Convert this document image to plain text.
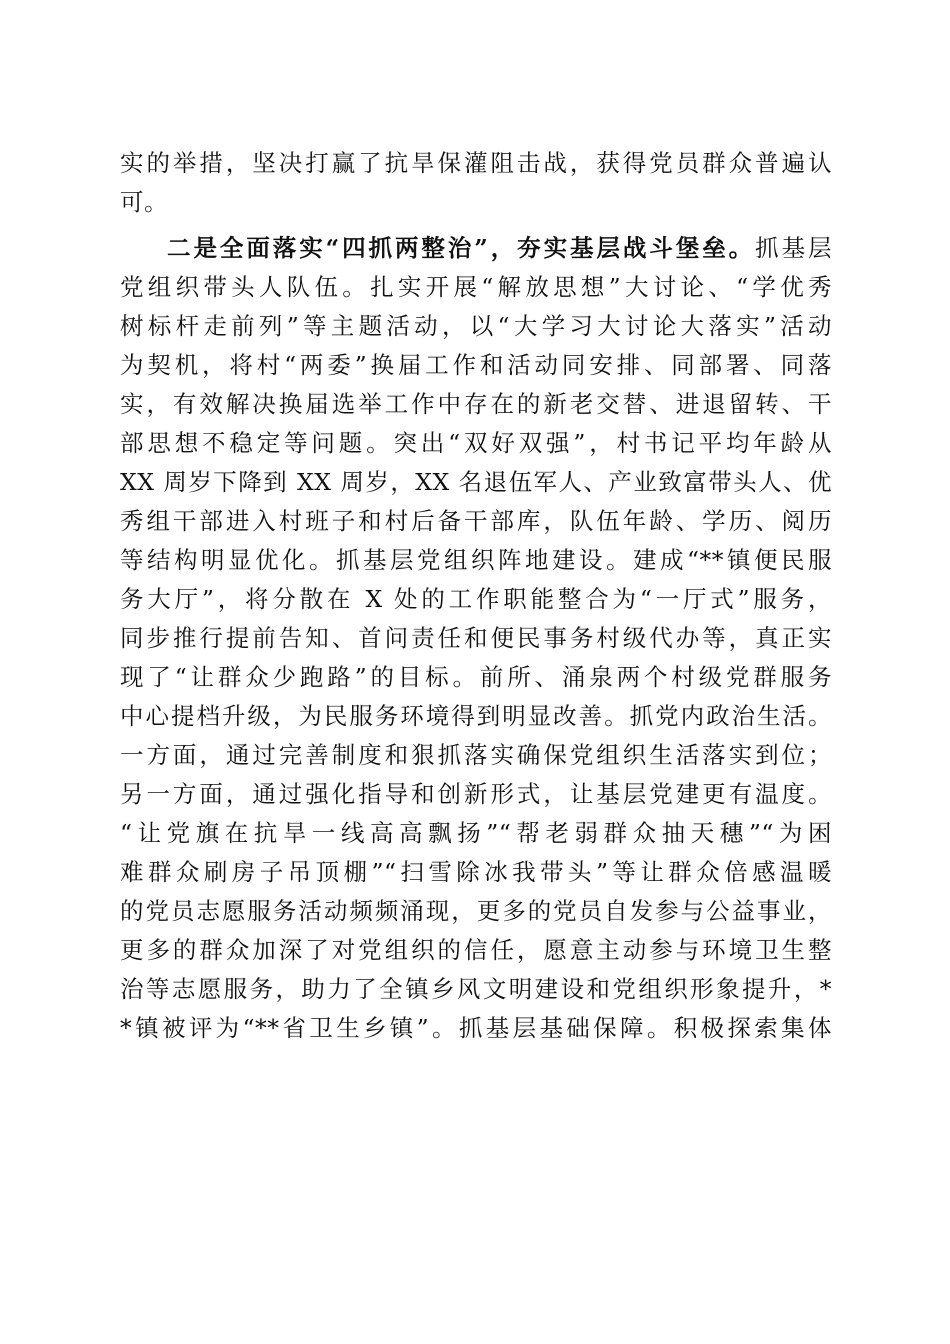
实的举措，坚决打赢了抗旱保灌阻击战，获得党员群众普遍认
可。
二是全面落实“四抓两整治”，夯实基层战斗堡垒。抓基层
党组织带头人队伍。扎实开展“解放思想”大讨论、“学优秀
树标杆走前列”等主题活动，以“大学习大讨论大落实”活动
为契机，将村“两委”换届工作和活动同安排、同部署、同落
实，有效解决换届选举工作中存在的新老交替、进退留转、干
部思想不稳定等问题。突出“双好双强”，村书记平均年龄从
XX 周岁下降到 XX 周岁，XX 名退伍军人、产业致富带头人、优
秀组干部进入村班子和村后备干部库，队伍年龄、学历、阅历
等结构明显优化。抓基层党组织阵地建设。建成“**镇便民服
务大厅”，将分散在 X 处的工作职能整合为“一厅式”服务，
同步推行提前告知、首问责任和便民事务村级代办等，真正实
现了“让群众少跑路”的目标。前所、涌泉两个村级党群服务
中心提档升级，为民服务环境得到明显改善。抓党内政治生活。
一方面，通过完善制度和狠抓落实确保党组织生活落实到位；
另一方面，通过强化指导和创新形式，让基层党建更有温度。
“让党旗在抗旱一线高高飘扬”“帮老弱群众抽天穗”“为困
难群众刷房子吊顶棚”“扫雪除冰我带头”等让群众倍感温暖
的党员志愿服务活动频频涌现，更多的党员自发参与公益事业，
更多的群众加深了对党组织的信任，愿意主动参与环境卫生整
治等志愿服务，助力了全镇乡风文明建设和党组织形象提升，*
*镇被评为“**省卫生乡镇”。抓基层基础保障。积极探索集体
